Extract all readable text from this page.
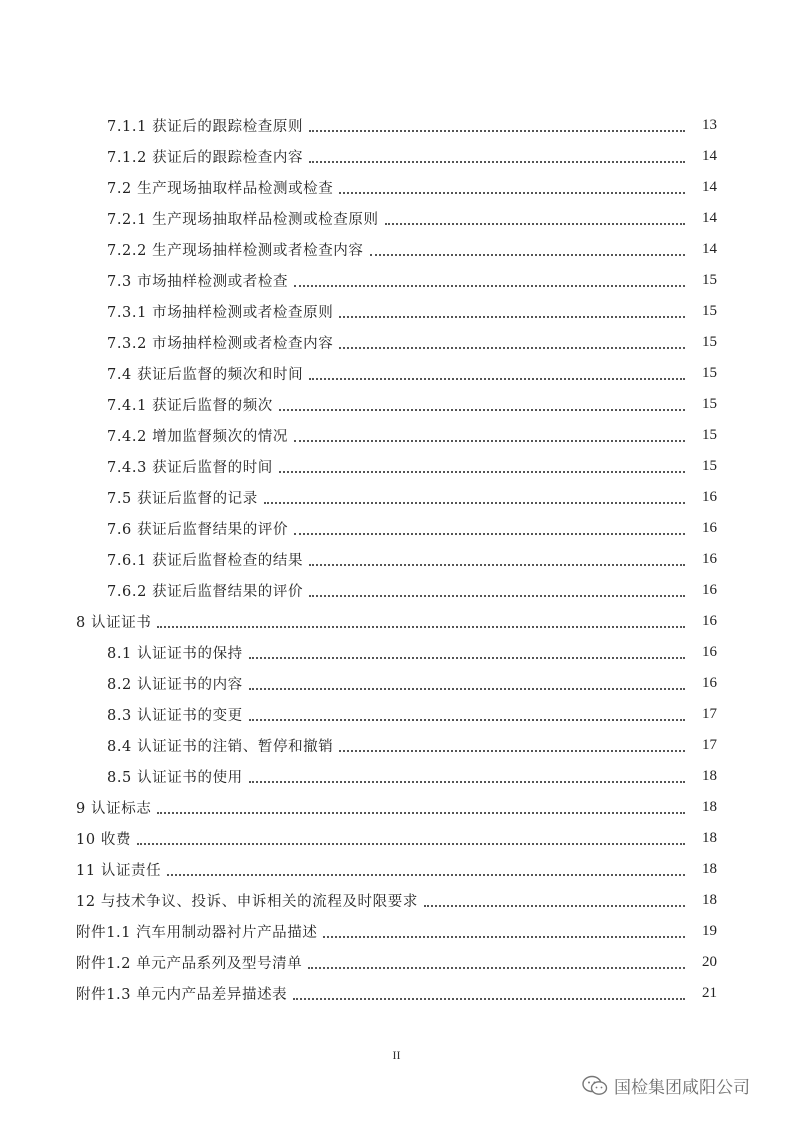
7.1.1 获证后的跟踪检查原则	13
7.1.2 获证后的跟踪检查内容	14
7.2 生产现场抽取样品检测或检查	14
7.2.1 生产现场抽取样品检测或检查原则	14
7.2.2 生产现场抽样检测或者检查内容	14
7.3 市场抽样检测或者检查	15
7.3.1 市场抽样检测或者检查原则	15
7.3.2 市场抽样检测或者检查内容	15
7.4 获证后监督的频次和时间	15
7.4.1 获证后监督的频次	15
7.4.2 增加监督频次的情况	15
7.4.3 获证后监督的时间	15
7.5 获证后监督的记录	16
7.6 获证后监督结果的评价	16
7.6.1 获证后监督检查的结果	16
7.6.2 获证后监督结果的评价	16
8 认证证书	16
8.1 认证证书的保持	16
8.2 认证证书的内容	16
8.3 认证证书的变更	17
8.4 认证证书的注销、暂停和撤销	17
8.5 认证证书的使用	18
9 认证标志	18
10 收费	18
11 认证责任	18
12 与技术争议、投诉、申诉相关的流程及时限要求	18
附件1.1 汽车用制动器衬片产品描述	19
附件1.2 单元产品系列及型号清单	20
附件1.3 单元内产品差异描述表	21
II
国检集团咸阳公司
